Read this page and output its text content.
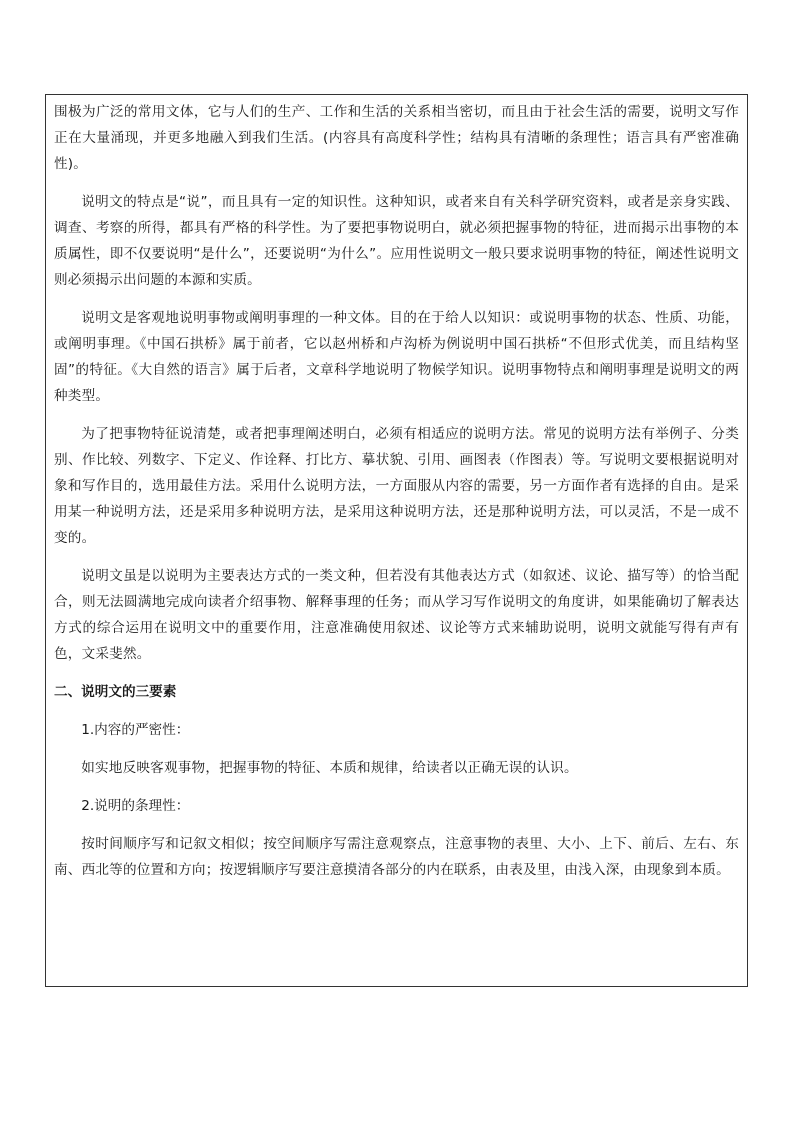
围极为广泛的常用文体，它与人们的生产、工作和生活的关系相当密切，而且由于社会生活的需要，说明文写作正在大量涌现，并更多地融入到我们生活。(内容具有高度科学性；结构具有清晰的条理性；语言具有严密准确性)。

说明文的特点是“说”，而且具有一定的知识性。这种知识，或者来自有关科学研究资料，或者是亲身实践、调查、考察的所得，都具有严格的科学性。为了要把事物说明白，就必须把握事物的特征，进而揭示出事物的本质属性，即不仅要说明“是什么”，还要说明“为什么”。应用性说明文一般只要求说明事物的特征，阐述性说明文则必须揭示出问题的本源和实质。

说明文是客观地说明事物或阐明事理的一种文体。目的在于给人以知识：或说明事物的状态、性质、功能，或阐明事理。《中国石拱桥》属于前者，它以赵州桥和卢沟桥为例说明中国石拱桥“不但形式优美，而且结构坚固”的特征。《大自然的语言》属于后者，文章科学地说明了物候学知识。说明事物特点和阐明事理是说明文的两种类型。

为了把事物特征说清楚，或者把事理阐述明白，必须有相适应的说明方法。常见的说明方法有举例子、分类别、作比较、列数字、下定义、作诠释、打比方、摹状貌、引用、画图表（作图表）等。写说明文要根据说明对象和写作目的，选用最佳方法。采用什么说明方法，一方面服从内容的需要，另一方面作者有选择的自由。是采用某一种说明方法，还是采用多种说明方法，是采用这种说明方法，还是那种说明方法，可以灵活，不是一成不变的。

说明文虽是以说明为主要表达方式的一类文种，但若没有其他表达方式（如叙述、议论、描写等）的恰当配合，则无法圆满地完成向读者介绍事物、解释事理的任务；而从学习写作说明文的角度讲，如果能确切了解表达方式的综合运用在说明文中的重要作用，注意准确使用叙述、议论等方式来辅助说明，说明文就能写得有声有色，文采斐然。

二、说明文的三要素

1.内容的严密性：

如实地反映客观事物，把握事物的特征、本质和规律，给读者以正确无误的认识。

2.说明的条理性：

按时间顺序写和记叙文相似；按空间顺序写需注意观察点，注意事物的表里、大小、上下、前后、左右、东南、西北等的位置和方向；按逻辑顺序写要注意摸清各部分的内在联系，由表及里，由浅入深，由现象到本质。
